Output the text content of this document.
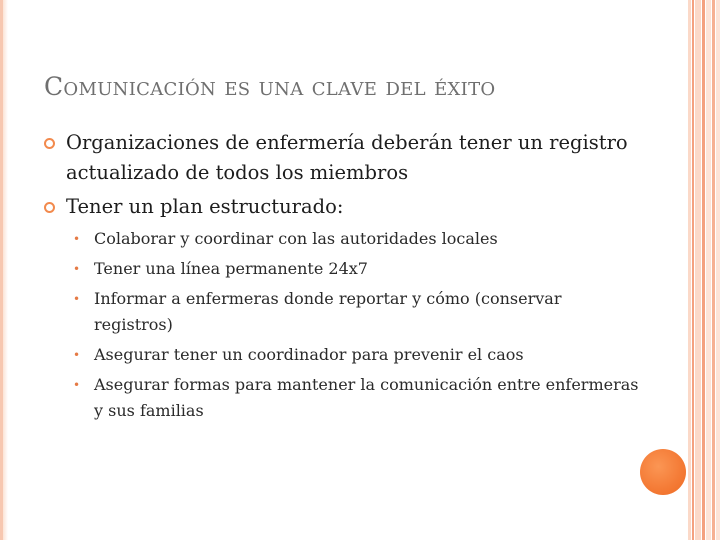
Comunicación es una clave del éxito
Organizaciones de enfermería deberán tener un registro actualizado de todos los miembros
Tener un plan estructurado:
• Colaborar y coordinar con las autoridades locales
• Tener una línea permanente 24x7
• Informar a enfermeras donde reportar y cómo (conservar registros)
• Asegurar tener un coordinador para prevenir el caos
• Asegurar formas para mantener la comunicación entre enfermeras y sus familias
